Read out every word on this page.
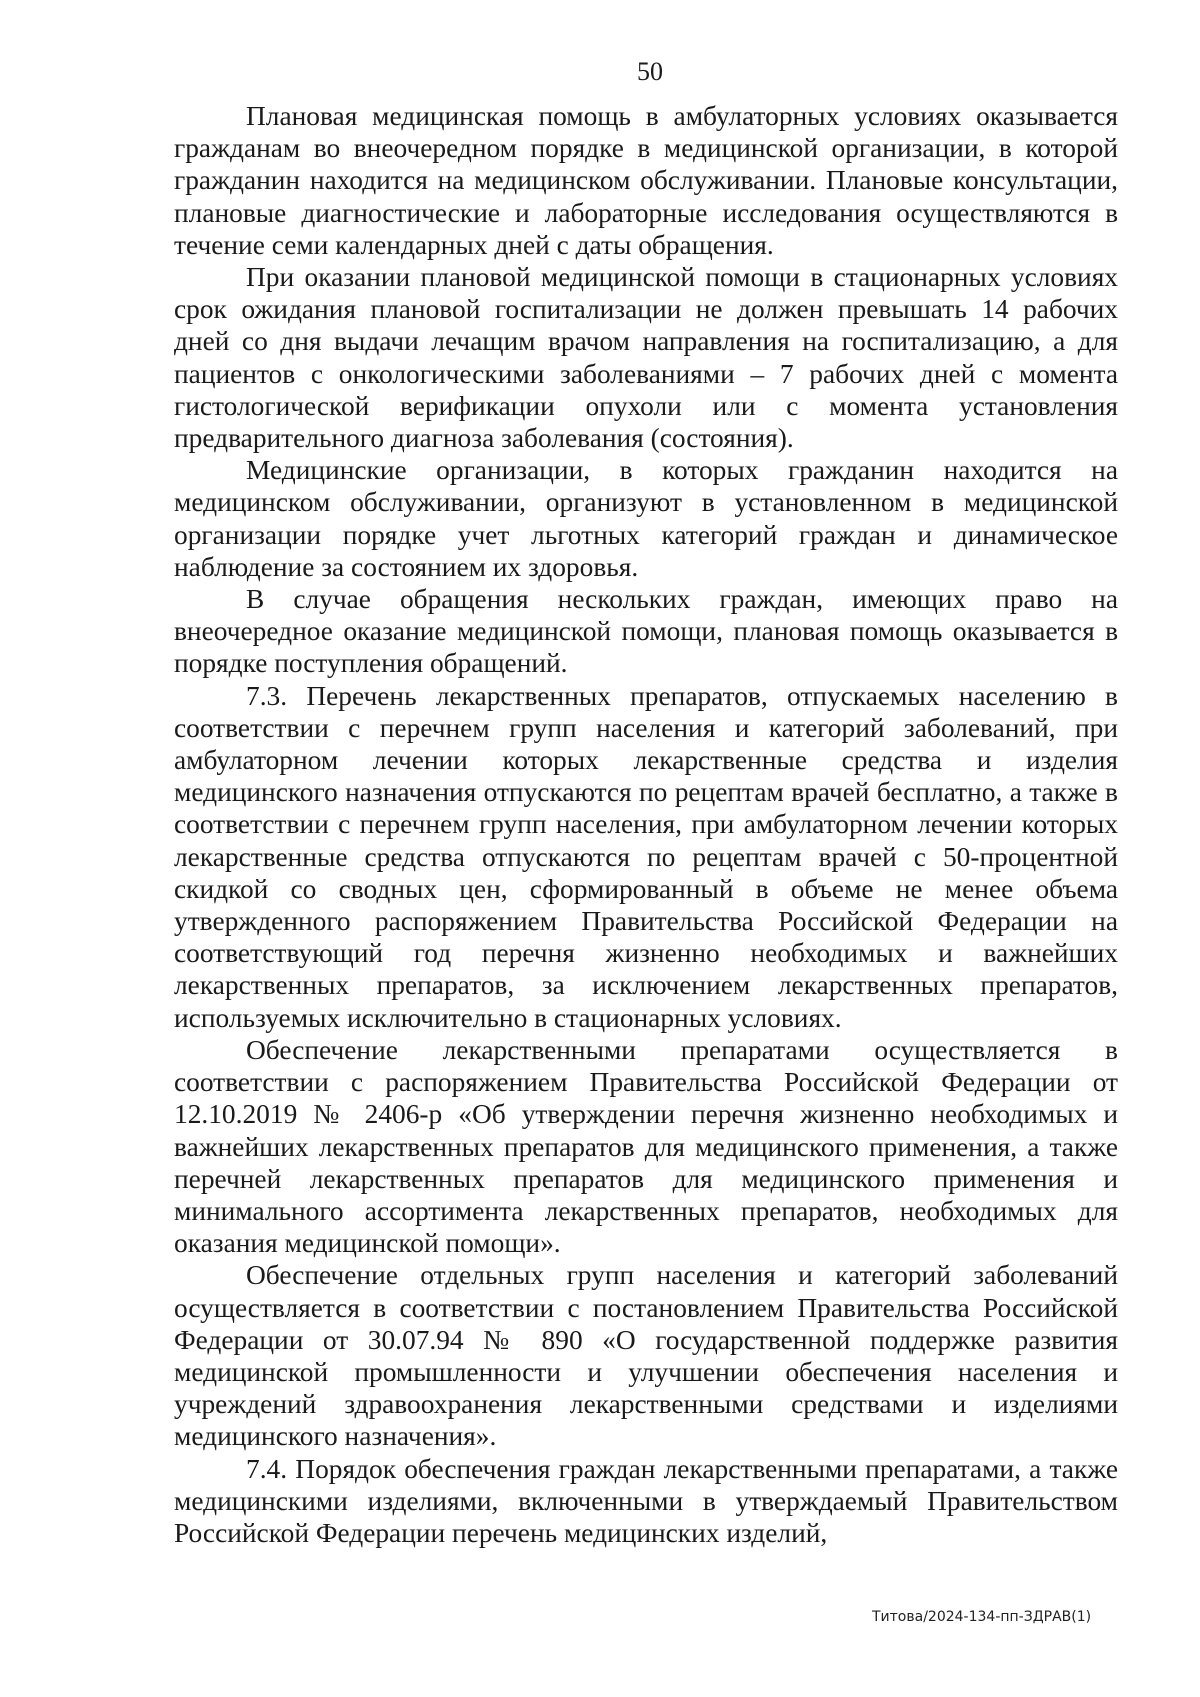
50

Плановая медицинская помощь в амбулаторных условиях оказывается гражданам во внеочередном порядке в медицинской организации, в которой гражданин находится на медицинском обслуживании. Плановые консультации, плановые диагностические и лабораторные исследования осуществляются в течение семи календарных дней с даты обращения.

При оказании плановой медицинской помощи в стационарных условиях срок ожидания плановой госпитализации не должен превышать 14 рабочих дней со дня выдачи лечащим врачом направления на госпитализацию, а для пациентов с онкологическими заболеваниями – 7 рабочих дней с момента гистологической верификации опухоли или с момента установления предварительного диагноза заболевания (состояния).

Медицинские организации, в которых гражданин находится на медицинском обслуживании, организуют в установленном в медицинской организации порядке учет льготных категорий граждан и динамическое наблюдение за состоянием их здоровья.

В случае обращения нескольких граждан, имеющих право на внеочередное оказание медицинской помощи, плановая помощь оказывается в порядке поступления обращений.

7.3. Перечень лекарственных препаратов, отпускаемых населению в соответствии с перечнем групп населения и категорий заболеваний, при амбулаторном лечении которых лекарственные средства и изделия медицинского назначения отпускаются по рецептам врачей бесплатно, а также в соответствии с перечнем групп населения, при амбулаторном лечении которых лекарственные средства отпускаются по рецептам врачей с 50-процентной скидкой со сводных цен, сформированный в объеме не менее объема утвержденного распоряжением Правительства Российской Федерации на соответствующий год перечня жизненно необходимых и важнейших лекарственных препаратов, за исключением лекарственных препаратов, используемых исключительно в стационарных условиях.

Обеспечение лекарственными препаратами осуществляется в соответствии с распоряжением Правительства Российской Федерации от 12.10.2019 № 2406-р «Об утверждении перечня жизненно необходимых и важнейших лекарственных препаратов для медицинского применения, а также перечней лекарственных препаратов для медицинского применения и минимального ассортимента лекарственных препаратов, необходимых для оказания медицинской помощи».

Обеспечение отдельных групп населения и категорий заболеваний осуществляется в соответствии с постановлением Правительства Российской Федерации от 30.07.94 № 890 «О государственной поддержке развития медицинской промышленности и улучшении обеспечения населения и учреждений здравоохранения лекарственными средствами и изделиями медицинского назначения».

7.4. Порядок обеспечения граждан лекарственными препаратами, а также медицинскими изделиями, включенными в утверждаемый Правительством Российской Федерации перечень медицинских изделий,

Титова/2024-134-пп-ЗДРАВ(1)
